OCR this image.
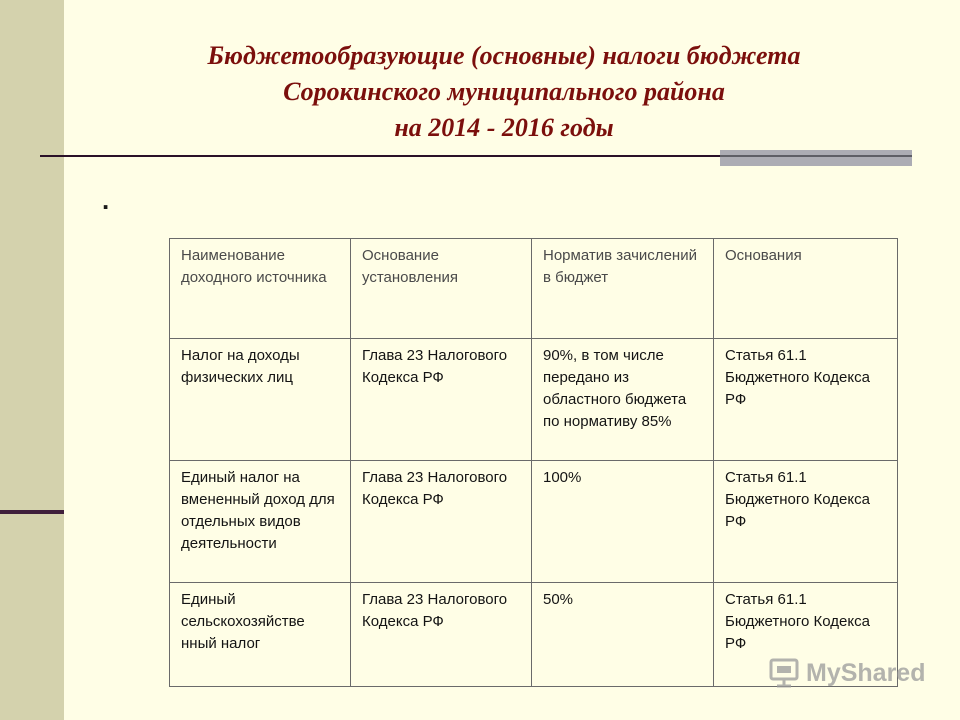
Бюджетообразующие (основные) налоги бюджета
Сорокинского муниципального района
на 2014 - 2016 годы
.
Наименование доходного источника	Основание установления	Норматив зачислений в бюджет	Основания
Налог на доходы физических лиц	Глава 23 Налогового Кодекса РФ	90%, в том числе передано из областного бюджета по нормативу 85%	Статья 61.1 Бюджетного Кодекса РФ
Единый налог на вмененный доход для отдельных видов деятельности	Глава 23 Налогового Кодекса РФ	100%	Статья 61.1 Бюджетного Кодекса РФ
Единый сельскохозяйстве нный налог	Глава 23 Налогового Кодекса РФ	50%	Статья 61.1 Бюджетного Кодекса РФ
MyShared
